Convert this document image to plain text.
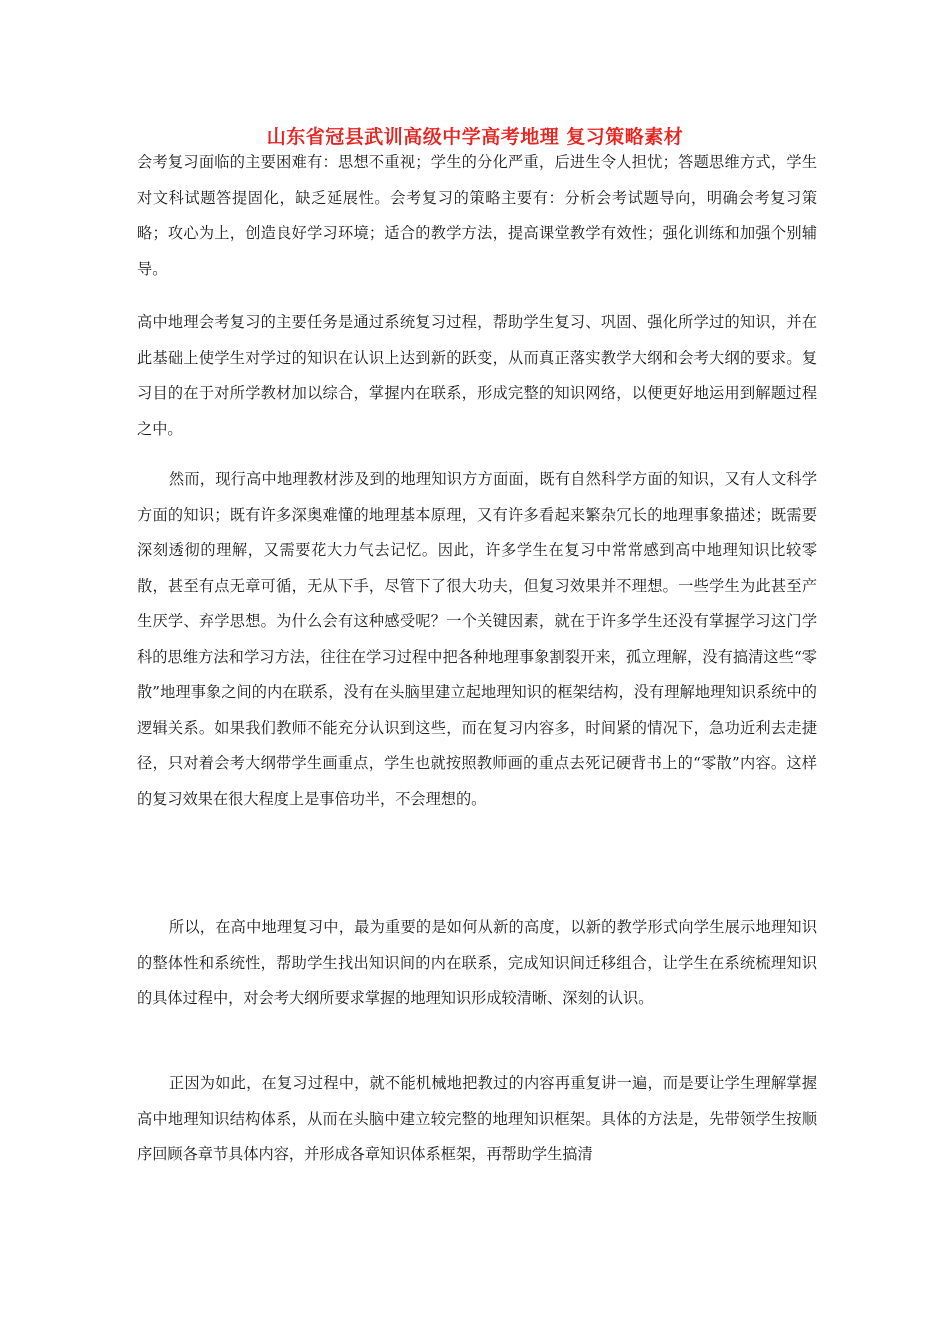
山东省冠县武训高级中学高考地理 复习策略素材

会考复习面临的主要困难有：思想不重视；学生的分化严重，后进生令人担忧；答题思维方式，学生对文科试题答提固化，缺乏延展性。会考复习的策略主要有：分析会考试题导向，明确会考复习策略；攻心为上，创造良好学习环境；适合的教学方法，提高课堂教学有效性；强化训练和加强个别辅导。

高中地理会考复习的主要任务是通过系统复习过程，帮助学生复习、巩固、强化所学过的知识，并在此基础上使学生对学过的知识在认识上达到新的跃变，从而真正落实教学大纲和会考大纲的要求。复习目的在于对所学教材加以综合，掌握内在联系，形成完整的知识网络，以便更好地运用到解题过程之中。

然而，现行高中地理教材涉及到的地理知识方方面面，既有自然科学方面的知识，又有人文科学方面的知识；既有许多深奥难懂的地理基本原理，又有许多看起来繁杂冗长的地理事象描述；既需要深刻透彻的理解，又需要花大力气去记忆。因此，许多学生在复习中常常感到高中地理知识比较零散，甚至有点无章可循，无从下手，尽管下了很大功夫，但复习效果并不理想。一些学生为此甚至产生厌学、弃学思想。为什么会有这种感受呢？一个关键因素，就在于许多学生还没有掌握学习这门学科的思维方法和学习方法，往往在学习过程中把各种地理事象割裂开来，孤立理解，没有搞清这些“零散”地理事象之间的内在联系，没有在头脑里建立起地理知识的框架结构，没有理解地理知识系统中的逻辑关系。如果我们教师不能充分认识到这些，而在复习内容多，时间紧的情况下，急功近利去走捷径，只对着会考大纲带学生画重点，学生也就按照教师画的重点去死记硬背书上的“零散”内容。这样的复习效果在很大程度上是事倍功半，不会理想的。

所以，在高中地理复习中，最为重要的是如何从新的高度，以新的教学形式向学生展示地理知识的整体性和系统性，帮助学生找出知识间的内在联系，完成知识间迁移组合，让学生在系统梳理知识的具体过程中，对会考大纲所要求掌握的地理知识形成较清晰、深刻的认识。

正因为如此，在复习过程中，就不能机械地把教过的内容再重复讲一遍，而是要让学生理解掌握高中地理知识结构体系，从而在头脑中建立较完整的地理知识框架。具体的方法是，先带领学生按顺序回顾各章节具体内容，并形成各章知识体系框架，再帮助学生搞清
